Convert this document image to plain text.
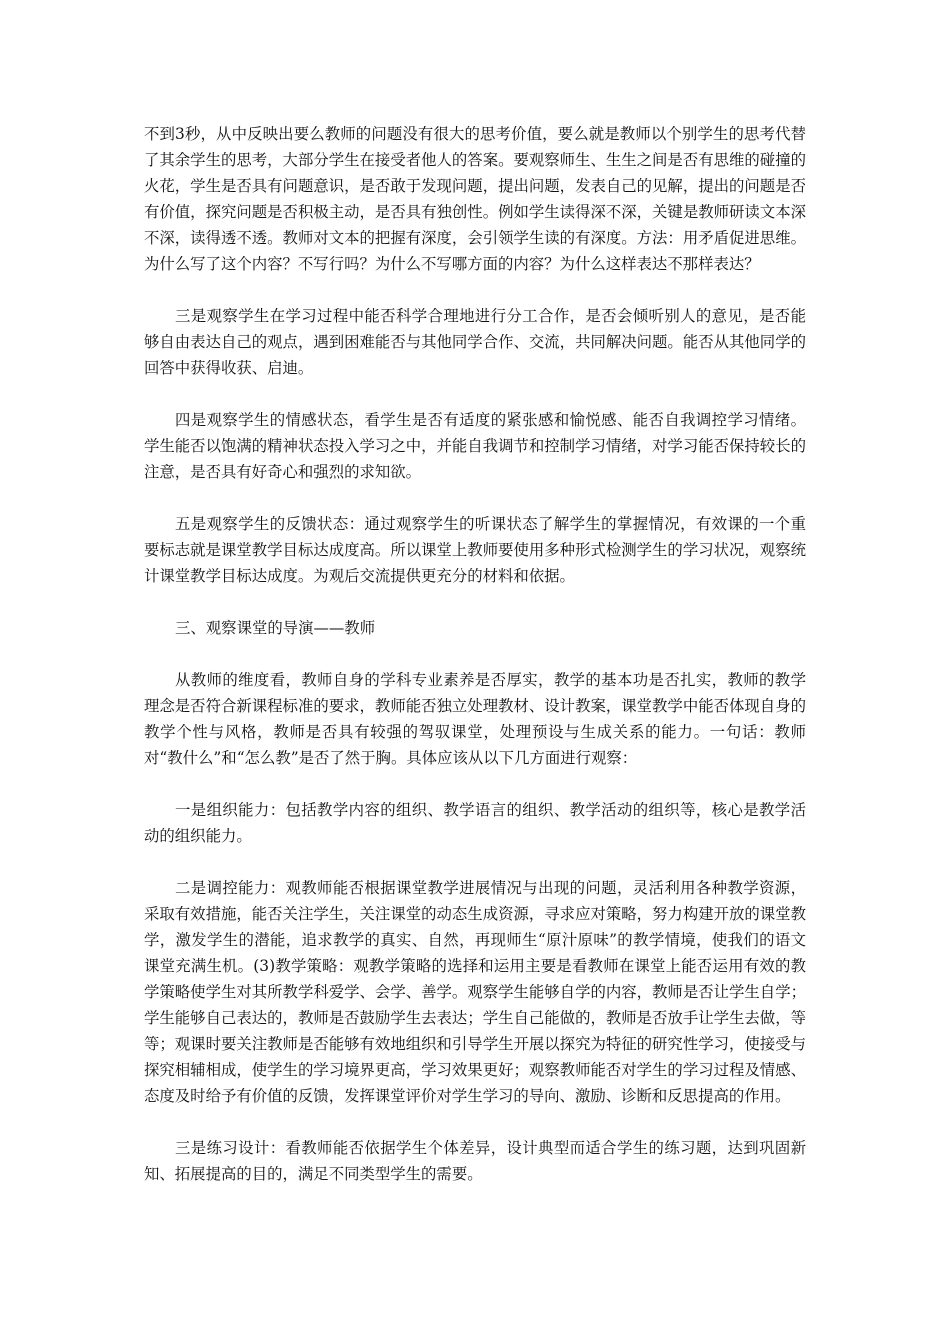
不到3秒，从中反映出要么教师的问题没有很大的思考价值，要么就是教师以个别学生的思考代替了其余学生的思考，大部分学生在接受者他人的答案。要观察师生、生生之间是否有思维的碰撞的火花，学生是否具有问题意识，是否敢于发现问题，提出问题，发表自己的见解，提出的问题是否有价值，探究问题是否积极主动，是否具有独创性。例如学生读得深不深，关键是教师研读文本深不深，读得透不透。教师对文本的把握有深度，会引领学生读的有深度。方法：用矛盾促进思维。为什么写了这个内容？不写行吗？为什么不写哪方面的内容？为什么这样表达不那样表达？

三是观察学生在学习过程中能否科学合理地进行分工合作，是否会倾听别人的意见，是否能够自由表达自己的观点，遇到困难能否与其他同学合作、交流，共同解决问题。能否从其他同学的回答中获得收获、启迪。

四是观察学生的情感状态，看学生是否有适度的紧张感和愉悦感、能否自我调控学习情绪。学生能否以饱满的精神状态投入学习之中，并能自我调节和控制学习情绪，对学习能否保持较长的注意，是否具有好奇心和强烈的求知欲。

五是观察学生的反馈状态：通过观察学生的听课状态了解学生的掌握情况，有效课的一个重要标志就是课堂教学目标达成度高。所以课堂上教师要使用多种形式检测学生的学习状况，观察统计课堂教学目标达成度。为观后交流提供更充分的材料和依据。

三、观察课堂的导演——教师

从教师的维度看，教师自身的学科专业素养是否厚实，教学的基本功是否扎实，教师的教学理念是否符合新课程标准的要求，教师能否独立处理教材、设计教案，课堂教学中能否体现自身的教学个性与风格，教师是否具有较强的驾驭课堂，处理预设与生成关系的能力。一句话：教师对“教什么”和“怎么教”是否了然于胸。具体应该从以下几方面进行观察：

一是组织能力：包括教学内容的组织、教学语言的组织、教学活动的组织等，核心是教学活动的组织能力。

二是调控能力：观教师能否根据课堂教学进展情况与出现的问题，灵活利用各种教学资源，采取有效措施，能否关注学生，关注课堂的动态生成资源，寻求应对策略，努力构建开放的课堂教学，激发学生的潜能，追求教学的真实、自然，再现师生“原汁原味”的教学情境，使我们的语文课堂充满生机。(3)教学策略：观教学策略的选择和运用主要是看教师在课堂上能否运用有效的教学策略使学生对其所教学科爱学、会学、善学。观察学生能够自学的内容，教师是否让学生自学；学生能够自己表达的，教师是否鼓励学生去表达；学生自己能做的，教师是否放手让学生去做，等等；观课时要关注教师是否能够有效地组织和引导学生开展以探究为特征的研究性学习，使接受与探究相辅相成，使学生的学习境界更高，学习效果更好；观察教师能否对学生的学习过程及情感、态度及时给予有价值的反馈，发挥课堂评价对学生学习的导向、激励、诊断和反思提高的作用。

三是练习设计：看教师能否依据学生个体差异，设计典型而适合学生的练习题，达到巩固新知、拓展提高的目的，满足不同类型学生的需要。
